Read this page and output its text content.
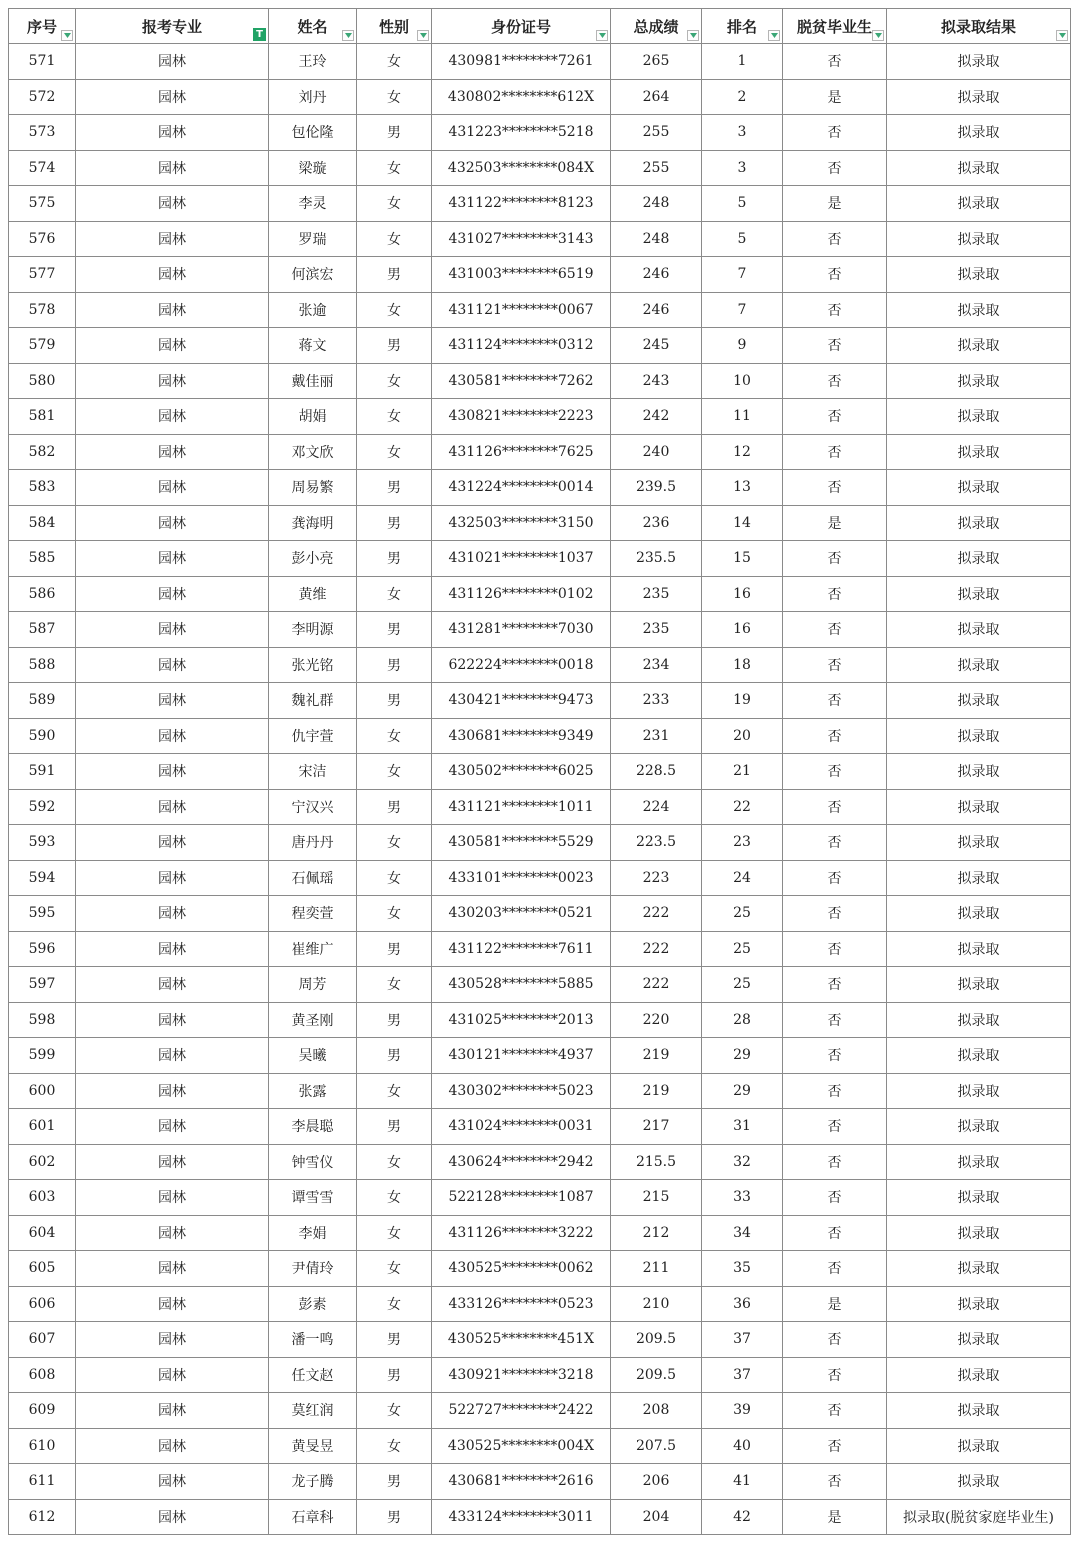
序号	报考专业 T	姓名	性别	身份证号	总成绩	排名	脱贫毕业生	拟录取结果

571	园林	王玲	女	430981********7261	265	1	否	拟录取
572	园林	刘丹	女	430802********612X	264	2	是	拟录取
573	园林	包伦隆	男	431223********5218	255	3	否	拟录取
574	园林	梁璇	女	432503********084X	255	3	否	拟录取
575	园林	李灵	女	431122********8123	248	5	是	拟录取
576	园林	罗瑞	女	431027********3143	248	5	否	拟录取
577	园林	何滨宏	男	431003********6519	246	7	否	拟录取
578	园林	张逾	女	431121********0067	246	7	否	拟录取
579	园林	蒋文	男	431124********0312	245	9	否	拟录取
580	园林	戴佳丽	女	430581********7262	243	10	否	拟录取
581	园林	胡娟	女	430821********2223	242	11	否	拟录取
582	园林	邓文欣	女	431126********7625	240	12	否	拟录取
583	园林	周易繁	男	431224********0014	239.5	13	否	拟录取
584	园林	龚海明	男	432503********3150	236	14	是	拟录取
585	园林	彭小亮	男	431021********1037	235.5	15	否	拟录取
586	园林	黄维	女	431126********0102	235	16	否	拟录取
587	园林	李明源	男	431281********7030	235	16	否	拟录取
588	园林	张光铭	男	622224********0018	234	18	否	拟录取
589	园林	魏礼群	男	430421********9473	233	19	否	拟录取
590	园林	仇宇萱	女	430681********9349	231	20	否	拟录取
591	园林	宋洁	女	430502********6025	228.5	21	否	拟录取
592	园林	宁汉兴	男	431121********1011	224	22	否	拟录取
593	园林	唐丹丹	女	430581********5529	223.5	23	否	拟录取
594	园林	石佩瑶	女	433101********0023	223	24	否	拟录取
595	园林	程奕萱	女	430203********0521	222	25	否	拟录取
596	园林	崔维广	男	431122********7611	222	25	否	拟录取
597	园林	周芳	女	430528********5885	222	25	否	拟录取
598	园林	黄圣刚	男	431025********2013	220	28	否	拟录取
599	园林	吴曦	男	430121********4937	219	29	否	拟录取
600	园林	张露	女	430302********5023	219	29	否	拟录取
601	园林	李晨聪	男	431024********0031	217	31	否	拟录取
602	园林	钟雪仪	女	430624********2942	215.5	32	否	拟录取
603	园林	谭雪雪	女	522128********1087	215	33	否	拟录取
604	园林	李娟	女	431126********3222	212	34	否	拟录取
605	园林	尹倩玲	女	430525********0062	211	35	否	拟录取
606	园林	彭素	女	433126********0523	210	36	是	拟录取
607	园林	潘一鸣	男	430525********451X	209.5	37	否	拟录取
608	园林	任文赵	男	430921********3218	209.5	37	否	拟录取
609	园林	莫红润	女	522727********2422	208	39	否	拟录取
610	园林	黄旻昱	女	430525********004X	207.5	40	否	拟录取
611	园林	龙子腾	男	430681********2616	206	41	否	拟录取
612	园林	石章科	男	433124********3011	204	42	是	拟录取(脱贫家庭毕业生)
